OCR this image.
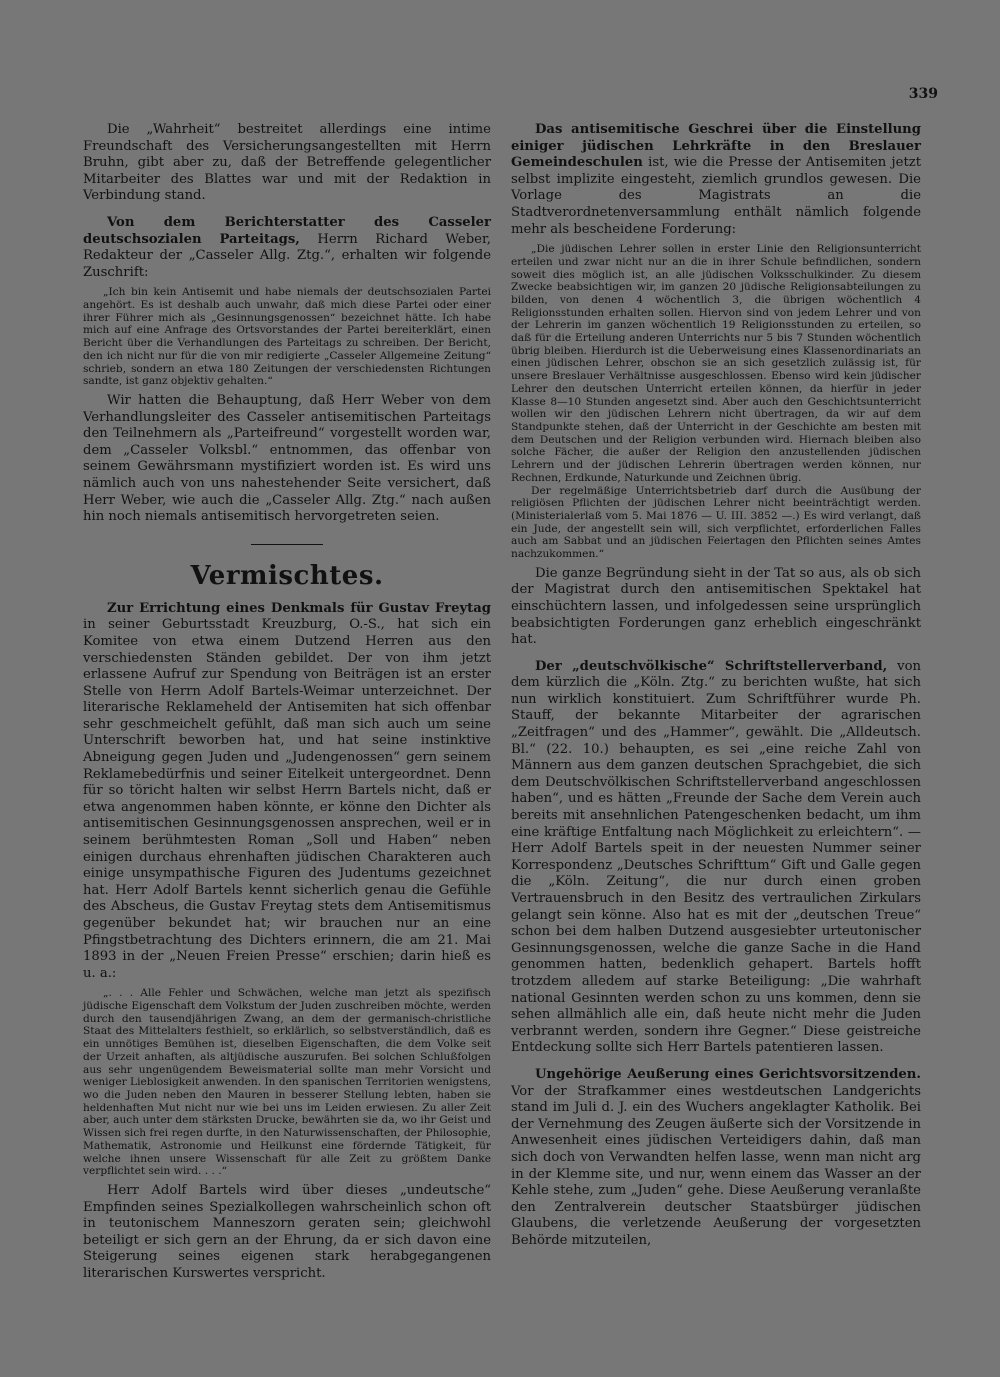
339

Die „Wahrheit“ bestreitet allerdings eine intime Freundschaft des Versicherungsangestellten mit Herrn Bruhn, gibt aber zu, daß der Betreffende gelegentlicher Mitarbeiter des Blattes war und mit der Redaktion in Verbindung stand.

Von dem Berichterstatter des Casseler deutschsozialen Parteitags, Herrn Richard Weber, Redakteur der „Casseler Allg. Ztg.“, erhalten wir folgende Zuschrift:

„Ich bin kein Antisemit und habe niemals der deutschsozialen Partei angehört. Es ist deshalb auch unwahr, daß mich diese Partei oder einer ihrer Führer mich als „Gesinnungsgenossen“ bezeichnet hätte. Ich habe mich auf eine Anfrage des Ortsvorstandes der Partei bereiterklärt, einen Bericht über die Verhandlungen des Parteitags zu schreiben. Der Bericht, den ich nicht nur für die von mir redigierte „Casseler Allgemeine Zeitung“ schrieb, sondern an etwa 180 Zeitungen der verschiedensten Richtungen sandte, ist ganz objektiv gehalten.“

Wir hatten die Behauptung, daß Herr Weber von dem Verhandlungsleiter des Casseler antisemitischen Parteitags den Teilnehmern als „Parteifreund“ vorgestellt worden war, dem „Casseler Volksbl.“ entnommen, das offenbar von seinem Gewährsmann mystifiziert worden ist. Es wird uns nämlich auch von uns nahestehender Seite versichert, daß Herr Weber, wie auch die „Casseler Allg. Ztg.“ nach außen hin noch niemals antisemitisch hervorgetreten seien.

Vermischtes.

Zur Errichtung eines Denkmals für Gustav Freytag in seiner Geburtsstadt Kreuzburg, O.-S., hat sich ein Komitee von etwa einem Dutzend Herren aus den verschiedensten Ständen gebildet. Der von ihm jetzt erlassene Aufruf zur Spendung von Beiträgen ist an erster Stelle von Herrn Adolf Bartels-Weimar unterzeichnet. Der literarische Reklameheld der Antisemiten hat sich offenbar sehr geschmeichelt gefühlt, daß man sich auch um seine Unterschrift beworben hat, und hat seine instinktive Abneigung gegen Juden und „Judengenossen“ gern seinem Reklamebedürfnis und seiner Eitelkeit untergeordnet. Denn für so töricht halten wir selbst Herrn Bartels nicht, daß er etwa angenommen haben könnte, er könne den Dichter als antisemitischen Gesinnungsgenossen ansprechen, weil er in seinem berühmtesten Roman „Soll und Haben“ neben einigen durchaus ehrenhaften jüdischen Charakteren auch einige unsympathische Figuren des Judentums gezeichnet hat. Herr Adolf Bartels kennt sicherlich genau die Gefühle des Abscheus, die Gustav Freytag stets dem Antisemitismus gegenüber bekundet hat; wir brauchen nur an eine Pfingstbetrachtung des Dichters erinnern, die am 21. Mai 1893 in der „Neuen Freien Presse“ erschien; darin hieß es u. a.:

„. . . Alle Fehler und Schwächen, welche man jetzt als spezifisch jüdische Eigenschaft dem Volkstum der Juden zuschreiben möchte, werden durch den tausendjährigen Zwang, an dem der germanisch-christliche Staat des Mittelalters festhielt, so erklärlich, so selbstverständlich, daß es ein unnötiges Bemühen ist, dieselben Eigenschaften, die dem Volke seit der Urzeit anhaften, als altjüdische auszurufen. Bei solchen Schlußfolgen aus sehr ungenügendem Beweismaterial sollte man mehr Vorsicht und weniger Lieblosigkeit anwenden. In den spanischen Territorien wenigstens, wo die Juden neben den Mauren in besserer Stellung lebten, haben sie heldenhaften Mut nicht nur wie bei uns im Leiden erwiesen. Zu aller Zeit aber, auch unter dem stärksten Drucke, bewährten sie da, wo ihr Geist und Wissen sich frei regen durfte, in den Naturwissenschaften, der Philosophie, Mathematik, Astronomie und Heilkunst eine fördernde Tätigkeit, für welche ihnen unsere Wissenschaft für alle Zeit zu größtem Danke verpflichtet sein wird. . . .“

Herr Adolf Bartels wird über dieses „undeutsche“ Empfinden seines Spezialkollegen wahrscheinlich schon oft in teutonischem Manneszorn geraten sein; gleichwohl beteiligt er sich gern an der Ehrung, da er sich davon eine Steigerung seines eigenen stark herabgegangenen literarischen Kurswertes verspricht.

Das antisemitische Geschrei über die Einstellung einiger jüdischen Lehrkräfte in den Breslauer Gemeindeschulen ist, wie die Presse der Antisemiten jetzt selbst implizite eingesteht, ziemlich grundlos gewesen. Die Vorlage des Magistrats an die Stadtverordnetenversammlung enthält nämlich folgende mehr als bescheidene Forderung:

„Die jüdischen Lehrer sollen in erster Linie den Religionsunterricht erteilen und zwar nicht nur an die in ihrer Schule befindlichen, sondern soweit dies möglich ist, an alle jüdischen Volksschulkinder. Zu diesem Zwecke beabsichtigen wir, im ganzen 20 jüdische Religionsabteilungen zu bilden, von denen 4 wöchentlich 3, die übrigen wöchentlich 4 Religionsstunden erhalten sollen. Hiervon sind von jedem Lehrer und von der Lehrerin im ganzen wöchentlich 19 Religionsstunden zu erteilen, so daß für die Erteilung anderen Unterrichts nur 5 bis 7 Stunden wöchentlich übrig bleiben. Hierdurch ist die Ueberweisung eines Klassenordinariats an einen jüdischen Lehrer, obschon sie an sich gesetzlich zulässig ist, für unsere Breslauer Verhältnisse ausgeschlossen. Ebenso wird kein jüdischer Lehrer den deutschen Unterricht erteilen können, da hierfür in jeder Klasse 8—10 Stunden angesetzt sind. Aber auch den Geschichtsunterricht wollen wir den jüdischen Lehrern nicht übertragen, da wir auf dem Standpunkte stehen, daß der Unterricht in der Geschichte am besten mit dem Deutschen und der Religion verbunden wird. Hiernach bleiben also solche Fächer, die außer der Religion den anzustellenden jüdischen Lehrern und der jüdischen Lehrerin übertragen werden können, nur Rechnen, Erdkunde, Naturkunde und Zeichnen übrig.

Der regelmäßige Unterrichtsbetrieb darf durch die Ausübung der religiösen Pflichten der jüdischen Lehrer nicht beeinträchtigt werden. (Ministerialerlaß vom 5. Mai 1876 — U. III. 3852 —.) Es wird verlangt, daß ein Jude, der angestellt sein will, sich verpflichtet, erforderlichen Falles auch am Sabbat und an jüdischen Feiertagen den Pflichten seines Amtes nachzukommen.“

Die ganze Begründung sieht in der Tat so aus, als ob sich der Magistrat durch den antisemitischen Spektakel hat einschüchtern lassen, und infolgedessen seine ursprünglich beabsichtigten Forderungen ganz erheblich eingeschränkt hat.

Der „deutschvölkische“ Schriftstellerverband, von dem kürzlich die „Köln. Ztg.“ zu berichten wußte, hat sich nun wirklich konstituiert. Zum Schriftführer wurde Ph. Stauff, der bekannte Mitarbeiter der agrarischen „Zeitfragen“ und des „Hammer“, gewählt. Die „Alldeutsch. Bl.“ (22. 10.) behaupten, es sei „eine reiche Zahl von Männern aus dem ganzen deutschen Sprachgebiet, die sich dem Deutschvölkischen Schriftstellerverband angeschlossen haben“, und es hätten „Freunde der Sache dem Verein auch bereits mit ansehnlichen Patengeschenken bedacht, um ihm eine kräftige Entfaltung nach Möglichkeit zu erleichtern“. — Herr Adolf Bartels speit in der neuesten Nummer seiner Korrespondenz „Deutsches Schrifttum“ Gift und Galle gegen die „Köln. Zeitung“, die nur durch einen groben Vertrauensbruch in den Besitz des vertraulichen Zirkulars gelangt sein könne. Also hat es mit der „deutschen Treue“ schon bei dem halben Dutzend ausgesiebter urteutonischer Gesinnungsgenossen, welche die ganze Sache in die Hand genommen hatten, bedenklich gehapert. Bartels hofft trotzdem alledem auf starke Beteiligung: „Die wahrhaft national Gesinnten werden schon zu uns kommen, denn sie sehen allmählich alle ein, daß heute nicht mehr die Juden verbrannt werden, sondern ihre Gegner.“ Diese geistreiche Entdeckung sollte sich Herr Bartels patentieren lassen.

Ungehörige Aeußerung eines Gerichtsvorsitzenden. Vor der Strafkammer eines westdeutschen Landgerichts stand im Juli d. J. ein des Wuchers angeklagter Katholik. Bei der Vernehmung des Zeugen äußerte sich der Vorsitzende in Anwesenheit eines jüdischen Verteidigers dahin, daß man sich doch von Verwandten helfen lasse, wenn man nicht arg in der Klemme site, und nur, wenn einem das Wasser an der Kehle stehe, zum „Juden“ gehe. Diese Aeußerung veranlaßte den Zentralverein deutscher Staatsbürger jüdischen Glaubens, die verletzende Aeußerung der vorgesetzten Behörde mitzuteilen,
